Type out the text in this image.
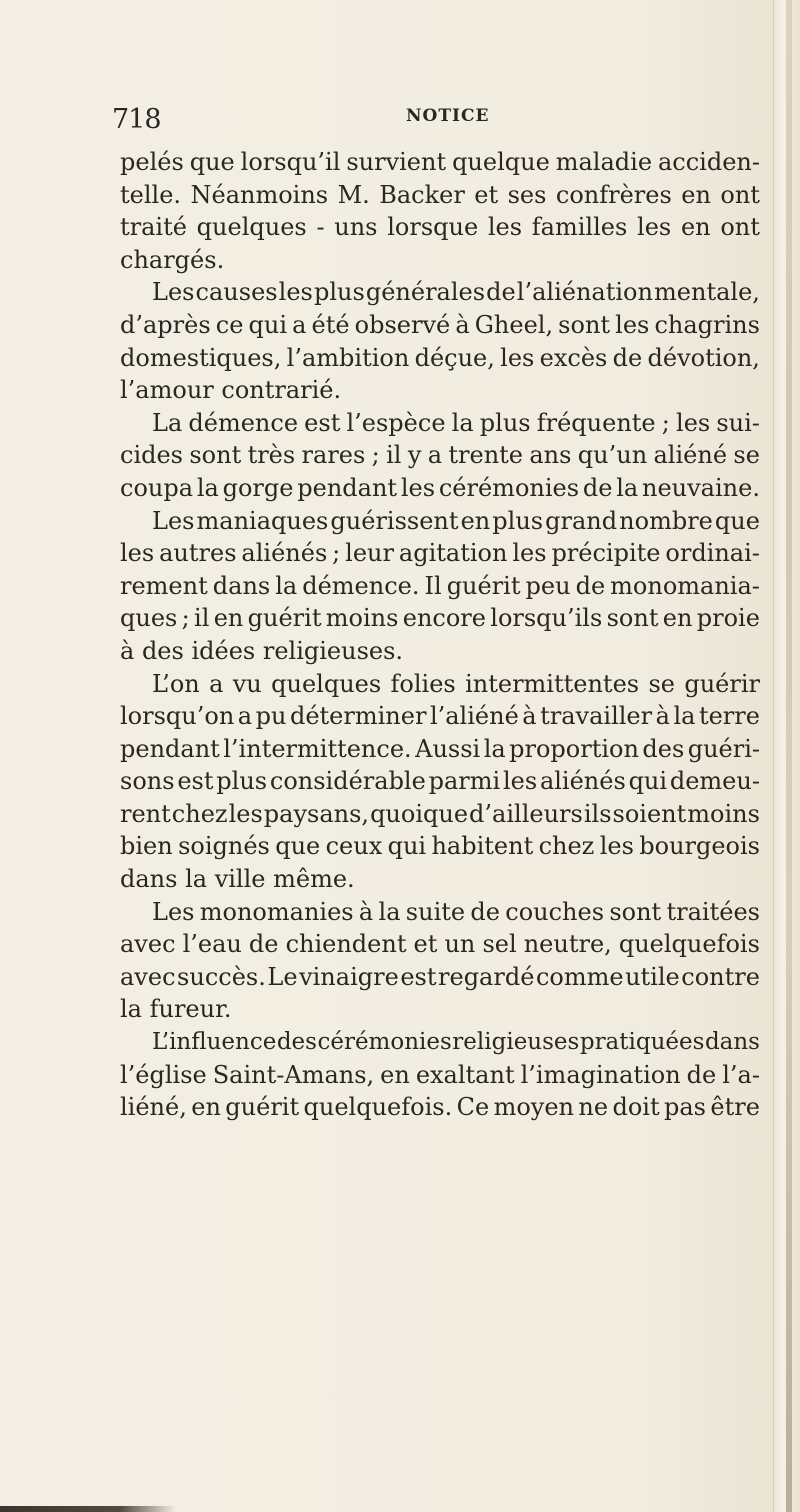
718	NOTICE
pelés que lorsqu’il survient quelque maladie acciden-
telle. Néanmoins M. Backer et ses confrères en ont
traité quelques - uns lorsque les familles les en ont
chargés.
Les causes les plus générales de l’aliénation mentale,
d’après ce qui a été observé à Gheel, sont les chagrins
domestiques, l’ambition déçue, les excès de dévotion,
l’amour contrarié.
La démence est l’espèce la plus fréquente ; les sui-
cides sont très rares ; il y a trente ans qu’un aliéné se
coupa la gorge pendant les cérémonies de la neuvaine.
Les maniaques guérissent en plus grand nombre que
les autres aliénés ; leur agitation les précipite ordinai-
rement dans la démence. Il guérit peu de monomania-
ques ; il en guérit moins encore lorsqu’ils sont en proie
à des idées religieuses.
L’on a vu quelques folies intermittentes se guérir
lorsqu’on a pu déterminer l’aliéné à travailler à la terre
pendant l’intermittence. Aussi la proportion des guéri-
sons est plus considérable parmi les aliénés qui demeu-
rent chez les paysans, quoique d’ailleurs ils soient moins
bien soignés que ceux qui habitent chez les bourgeois
dans la ville même.
Les monomanies à la suite de couches sont traitées
avec l’eau de chiendent et un sel neutre, quelquefois
avec succès. Le vinaigre est regardé comme utile contre
la fureur.
L’influence des cérémonies religieuses pratiquées dans
l’église Saint-Amans, en exaltant l’imagination de l’a-
liéné, en guérit quelquefois. Ce moyen ne doit pas être
